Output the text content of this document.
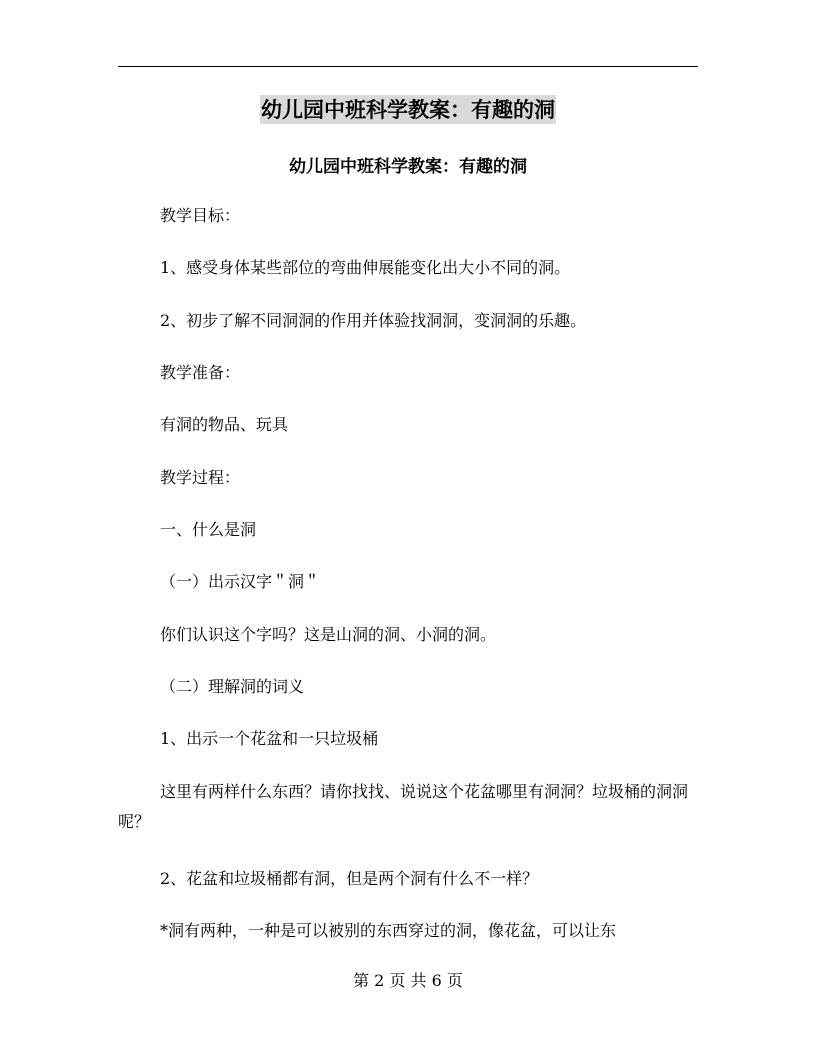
幼儿园中班科学教案：有趣的洞
幼儿园中班科学教案：有趣的洞

教学目标：

1、感受身体某些部位的弯曲伸展能变化出大小不同的洞。

2、初步了解不同洞洞的作用并体验找洞洞，变洞洞的乐趣。

教学准备：

有洞的物品、玩具

教学过程：

一、什么是洞

（一）出示汉字＂洞＂

你们认识这个字吗？这是山洞的洞、小洞的洞。

（二）理解洞的词义

1、出示一个花盆和一只垃圾桶

这里有两样什么东西？请你找找、说说这个花盆哪里有洞洞？垃圾桶的洞洞呢？

2、花盆和垃圾桶都有洞，但是两个洞有什么不一样？

*洞有两种，一种是可以被别的东西穿过的洞，像花盆，可以让东

第 2 页 共 6 页
